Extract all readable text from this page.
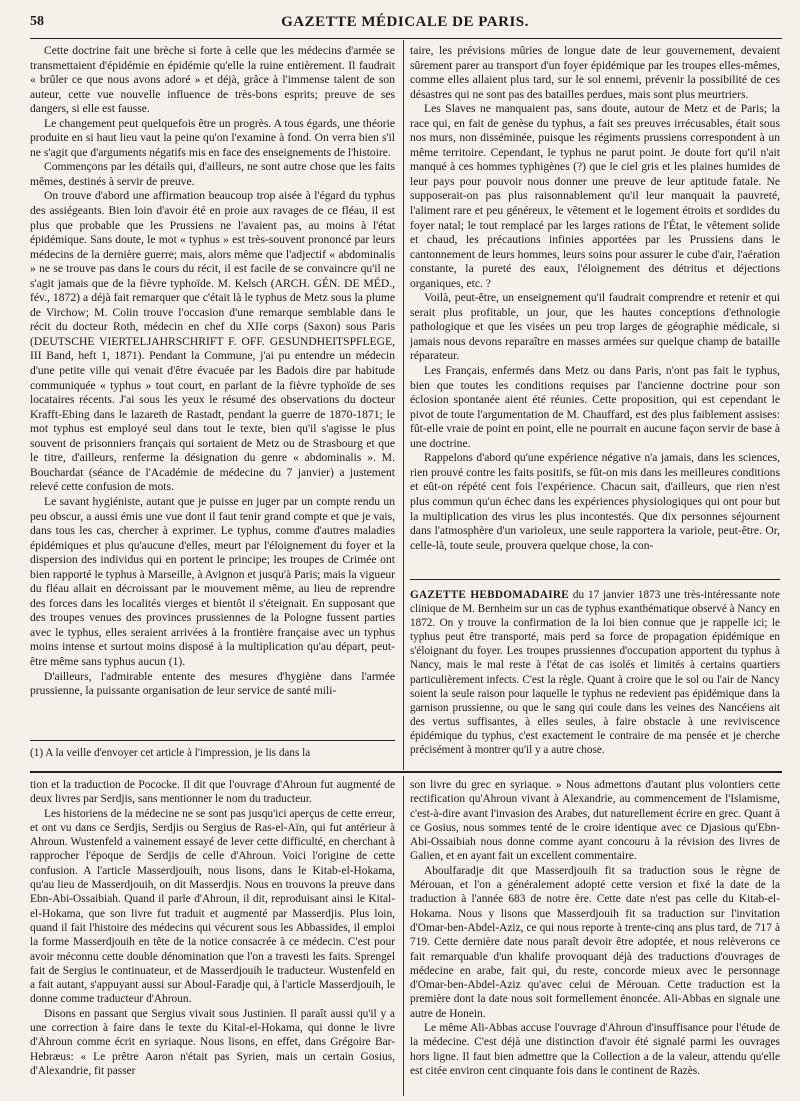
58	GAZETTE MÉDICALE DE PARIS.

Cette doctrine fait une brèche si forte à celle que les médecins d'armée se transmettaient d'épidémie en épidémie qu'elle la ruine entièrement. Il faudrait « brûler ce que nous avons adoré » et déjà, grâce à l'immense talent de son auteur, cette vue nouvelle influence de très-bons esprits; preuve de ses dangers, si elle est fausse.

Le changement peut quelquefois être un progrès. A tous égards, une théorie produite en si haut lieu vaut la peine qu'on l'examine à fond. On verra bien s'il ne s'agit que d'arguments négatifs mis en face des enseignements de l'histoire.

Commençons par les détails qui, d'ailleurs, ne sont autre chose que les faits mêmes, destinés à servir de preuve.

On trouve d'abord une affirmation beaucoup trop aisée à l'égard du typhus des assiégeants. Bien loin d'avoir été en proie aux ravages de ce fléau, il est plus que probable que les Prussiens ne l'avaient pas, au moins à l'état épidémique. Sans doute, le mot « typhus » est très-souvent prononcé par leurs médecins de la dernière guerre; mais, alors même que l'adjectif « abdominalis » ne se trouve pas dans le cours du récit, il est facile de se convaincre qu'il ne s'agit jamais que de la fièvre typhoïde. M. Kelsch (ARCH. GÉN. DE MÉD., fév., 1872) a déjà fait remarquer que c'était là le typhus de Metz sous la plume de Virchow; M. Colin trouve l'occasion d'une remarque semblable dans le récit du docteur Roth, médecin en chef du XIIe corps (Saxon) sous Paris (DEUTSCHE VIERTELJAHRSCHRIFT F. OFF. GESUNDHEITSPFLEGE, III Band, heft 1, 1871). Pendant la Commune, j'ai pu entendre un médecin d'une petite ville qui venait d'être évacuée par les Badois dire par habitude communiquée « typhus » tout court, en parlant de la fièvre typhoïde de ses locataires récents. J'ai sous les yeux le résumé des observations du docteur Krafft-Ebing dans le lazareth de Rastadt, pendant la guerre de 1870-1871; le mot typhus est employé seul dans tout le texte, bien qu'il s'agisse le plus souvent de prisonniers français qui sortaient de Metz ou de Strasbourg et que le titre, d'ailleurs, renferme la désignation du genre « abdominalis ». M. Bouchardat (séance de l'Académie de médecine du 7 janvier) a justement relevé cette confusion de mots.

Le savant hygiéniste, autant que je puisse en juger par un compte rendu un peu obscur, a aussi émis une vue dont il faut tenir grand compte et que je vais, dans tous les cas, chercher à exprimer. Le typhus, comme d'autres maladies épidémiques et plus qu'aucune d'elles, meurt par l'éloignement du foyer et la dispersion des individus qui en portent le principe; les troupes de Crimée ont bien rapporté le typhus à Marseille, à Avignon et jusqu'à Paris; mais la vigueur du fléau allait en décroissant par le mouvement même, au lieu de reprendre des forces dans les localités vierges et bientôt il s'éteignait. En supposant que des troupes venues des provinces prussiennes de la Pologne fussent parties avec le typhus, elles seraient arrivées à la frontière française avec un typhus moins intense et surtout moins disposé à la multiplication qu'au départ, peut-être même sans typhus aucun (1).

D'ailleurs, l'admirable entente des mesures d'hygiène dans l'armée prussienne, la puissante organisation de leur service de santé mili-

taire, les prévisions mûries de longue date de leur gouvernement, devaient sûrement parer au transport d'un foyer épidémique par les troupes elles-mêmes, comme elles allaient plus tard, sur le sol ennemi, prévenir la possibilité de ces désastres qui ne sont pas des batailles perdues, mais sont plus meurtriers.

Les Slaves ne manquaient pas, sans doute, autour de Metz et de Paris; la race qui, en fait de genèse du typhus, a fait ses preuves irrécusables, était sous nos murs, non disséminée, puisque les régiments prussiens correspondent à un même territoire. Cependant, le typhus ne parut point. Je doute fort qu'il n'ait manqué à ces hommes typhigènes (?) que le ciel gris et les plaines humides de leur pays pour pouvoir nous donner une preuve de leur aptitude fatale. Ne supposerait-on pas plus raisonnablement qu'il leur manquait la pauvreté, l'aliment rare et peu généreux, le vêtement et le logement étroits et sordides du foyer natal; le tout remplacé par les larges rations de l'État, le vêtement solide et chaud, les précautions infinies apportées par les Prussiens dans le cantonnement de leurs hommes, leurs soins pour assurer le cube d'air, l'aération constante, la pureté des eaux, l'éloignement des détritus et déjections organiques, etc. ?

Voilà, peut-être, un enseignement qu'il faudrait comprendre et retenir et qui serait plus profitable, un jour, que les hautes conceptions d'ethnologie pathologique et que les visées un peu trop larges de géographie médicale, si jamais nous devons reparaître en masses armées sur quelque champ de bataille réparateur.

Les Français, enfermés dans Metz ou dans Paris, n'ont pas fait le typhus, bien que toutes les conditions requises par l'ancienne doctrine pour son éclosion spontanée aient été réunies. Cette proposition, qui est cependant le pivot de toute l'argumentation de M. Chauffard, est des plus faiblement assises: fût-elle vraie de point en point, elle ne pourrait en aucune façon servir de base à une doctrine.

Rappelons d'abord qu'une expérience négative n'a jamais, dans les sciences, rien prouvé contre les faits positifs, se fût-on mis dans les meilleures conditions et eût-on répété cent fois l'expérience. Chacun sait, d'ailleurs, que rien n'est plus commun qu'un échec dans les expériences physiologiques qui ont pour but la multiplication des virus les plus incontestés. Que dix personnes séjournent dans l'atmosphère d'un varioleux, une seule rapportera la variole, peut-être. Or, celle-là, toute seule, prouvera quelque chose, la con-

(1) A la veille d'envoyer cet article à l'impression, je lis dans la

GAZETTE HEBDOMADAIRE du 17 janvier 1873 une très-intéressante note clinique de M. Bernheim sur un cas de typhus exanthématique observé à Nancy en 1872. On y trouve la confirmation de la loi bien connue que je rappelle ici; le typhus peut être transporté, mais perd sa force de propagation épidémique en s'éloignant du foyer. Les troupes prussiennes d'occupation apportent du typhus à Nancy, mais le mal reste à l'état de cas isolés et limités à certains quartiers particulièrement infects. C'est la règle. Quant à croire que le sol ou l'air de Nancy soient la seule raison pour laquelle le typhus ne redevient pas épidémique dans la garnison prussienne, ou que le sang qui coule dans les veines des Nancéiens ait des vertus suffisantes, à elles seules, à faire obstacle à une reviviscence épidémique du typhus, c'est exactement le contraire de ma pensée et je cherche précisément à montrer qu'il y a autre chose.

tion et la traduction de Pococke. Il dit que l'ouvrage d'Ahroun fut augmenté de deux livres par Serdjis, sans mentionner le nom du traducteur.

Les historiens de la médecine ne se sont pas jusqu'ici aperçus de cette erreur, et ont vu dans ce Serdjis, Serdjis ou Sergius de Ras-el-Aïn, qui fut antérieur à Ahroun. Wustenfeld a vainement essayé de lever cette difficulté, en cherchant à rapprocher l'époque de Serdjis de celle d'Ahroun. Voici l'origine de cette confusion. A l'article Masserdjouih, nous lisons, dans le Kitab-el-Hokama, qu'au lieu de Masserdjouih, on dit Masserdjis. Nous en trouvons la preuve dans Ebn-Abi-Ossaibiah. Quand il parle d'Ahroun, il dit, reproduisant ainsi le Kital-el-Hokama, que son livre fut traduit et augmenté par Masserdjis. Plus loin, quand il fait l'histoire des médecins qui vécurent sous les Abbassides, il emploi la forme Masserdjouih en tête de la notice consacrée à ce médecin. C'est pour avoir méconnu cette double dénomination que l'on a travesti les faits. Sprengel fait de Sergius le continuateur, et de Masserdjouih le traducteur. Wustenfeld en a fait autant, s'appuyant aussi sur Aboul-Faradje qui, à l'article Masserdjouih, le donne comme traducteur d'Ahroun.

Disons en passant que Sergius vivait sous Justinien. Il paraît aussi qu'il y a une correction à faire dans le texte du Kital-el-Hokama, qui donne le livre d'Ahroun comme écrit en syriaque. Nous lisons, en effet, dans Grégoire Bar-Hebræus: « Le prêtre Aaron n'était pas Syrien, mais un certain Gosius, d'Alexandrie, fit passer

son livre du grec en syriaque. » Nous admettons d'autant plus volontiers cette rectification qu'Ahroun vivant à Alexandrie, au commencement de l'Islamisme, c'est-à-dire avant l'invasion des Arabes, dut naturellement écrire en grec. Quant à ce Gosius, nous sommes tenté de le croire identique avec ce Djasious qu'Ebn-Abi-Ossaibiah nous donne comme ayant concouru à la révision des livres de Galien, et en ayant fait un excellent commentaire.

Aboulfaradje dit que Masserdjouih fit sa traduction sous le règne de Mérouan, et l'on a généralement adopté cette version et fixé la date de la traduction à l'année 683 de notre ère. Cette date n'est pas celle du Kitab-el-Hokama. Nous y lisons que Masserdjouih fit sa traduction sur l'invitation d'Omar-ben-Abdel-Aziz, ce qui nous reporte à trente-cinq ans plus tard, de 717 à 719. Cette dernière date nous paraît devoir être adoptée, et nous relèverons ce fait remarquable d'un khalife provoquant déjà des traductions d'ouvrages de médecine en arabe, fait qui, du reste, concorde mieux avec le personnage d'Omar-ben-Abdel-Aziz qu'avec celui de Mérouan. Cette traduction est la première dont la date nous soit formellement énoncée. Ali-Abbas en signale une autre de Honein.

Le même Ali-Abbas accuse l'ouvrage d'Ahroun d'insuffisance pour l'étude de la médecine. C'est déjà une distinction d'avoir été signalé parmi les ouvrages hors ligne. Il faut bien admettre que la Collection a de la valeur, attendu qu'elle est citée environ cent cinquante fois dans le continent de Razès.
